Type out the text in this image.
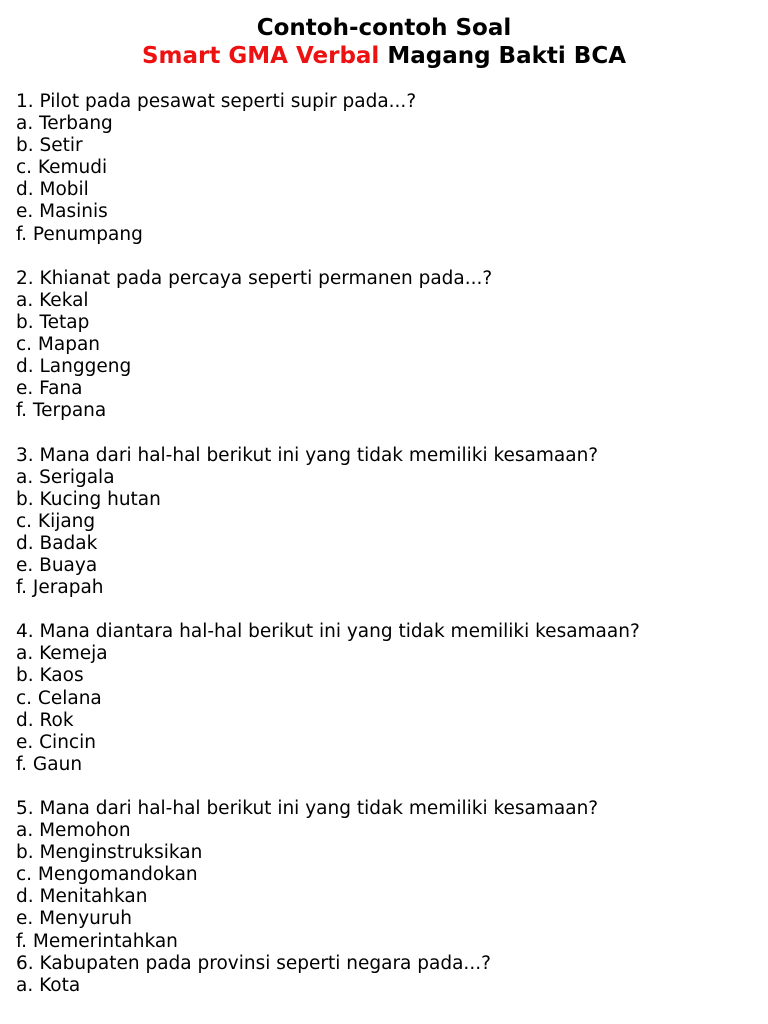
Contoh-contoh Soal
Smart GMA Verbal Magang Bakti BCA
1. Pilot pada pesawat seperti supir pada...?
a. Terbang
b. Setir
c. Kemudi
d. Mobil
e. Masinis
f. Penumpang
2. Khianat pada percaya seperti permanen pada...?
a. Kekal
b. Tetap
c. Mapan
d. Langgeng
e. Fana
f. Terpana
3. Mana dari hal-hal berikut ini yang tidak memiliki kesamaan?
a. Serigala
b. Kucing hutan
c. Kijang
d. Badak
e. Buaya
f. Jerapah
4. Mana diantara hal-hal berikut ini yang tidak memiliki kesamaan?
a. Kemeja
b. Kaos
c. Celana
d. Rok
e. Cincin
f. Gaun
5. Mana dari hal-hal berikut ini yang tidak memiliki kesamaan?
a. Memohon
b. Menginstruksikan
c. Mengomandokan
d. Menitahkan
e. Menyuruh
f. Memerintahkan
6. Kabupaten pada provinsi seperti negara pada...?
a. Kota
